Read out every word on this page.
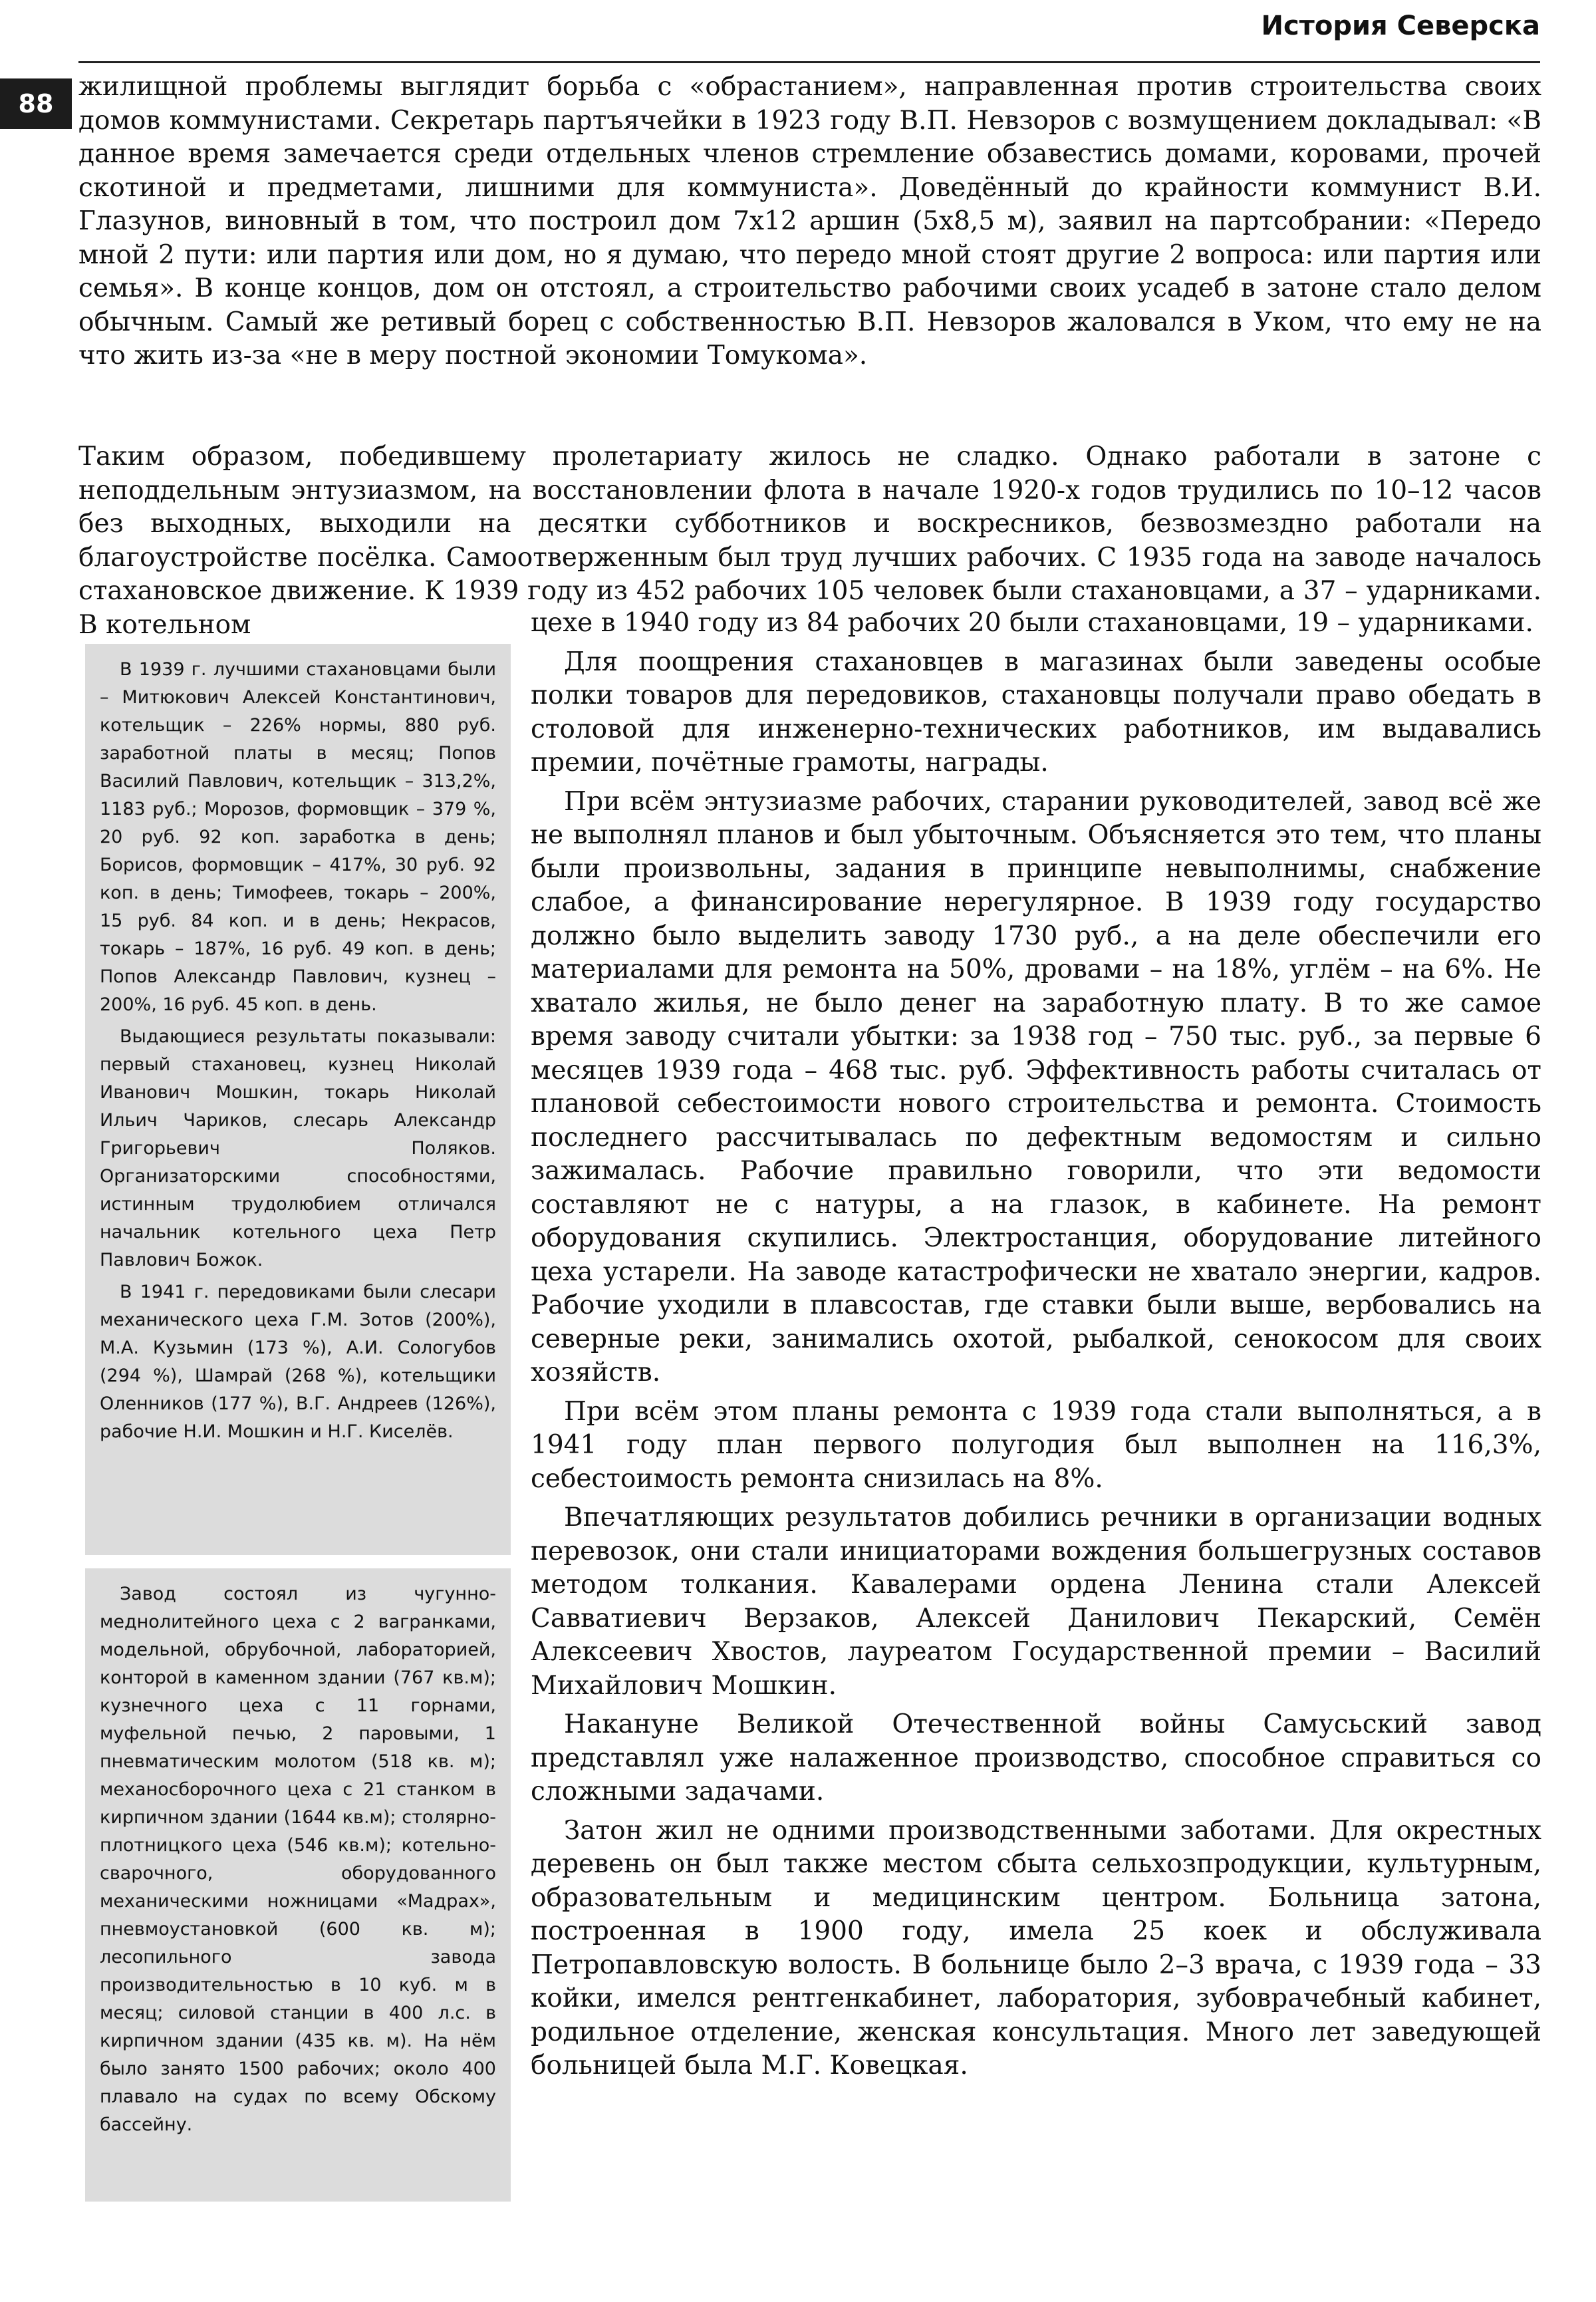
История Северска
88

жилищной проблемы выглядит борьба с «обрастанием», направленная против строительства своих домов коммунистами. Секретарь партъячейки в 1923 году В.П. Невзоров с возмущением докладывал: «В данное время замечается среди отдельных членов стремление обзавестись домами, коровами, прочей скотиной и предметами, лишними для коммуниста». Доведённый до крайности коммунист В.И. Глазунов, виновный в том, что построил дом 7х12 аршин (5х8,5 м), заявил на партсобрании: «Передо мной 2 пути: или партия или дом, но я думаю, что передо мной стоят другие 2 вопроса: или партия или семья». В конце концов, дом он отстоял, а строительство рабочими своих усадеб в затоне стало делом обычным. Самый же ретивый борец с собственностью В.П. Невзоров жаловался в Уком, что ему не на что жить из-за «не в меру постной экономии Томукома».

Таким образом, победившему пролетариату жилось не сладко. Однако работали в затоне с неподдельным энтузиазмом, на восстановлении флота в начале 1920-х годов трудились по 10–12 часов без выходных, выходили на десятки субботников и воскресников, безвозмездно работали на благоустройстве посёлка. Самоотверженным был труд лучших рабочих. С 1935 года на заводе началось стахановское движение. К 1939 году из 452 рабочих 105 человек были стахановцами, а 37 – ударниками. В котельном

В 1939 г. лучшими стахановцами были – Митюкович Алексей Константинович, котельщик – 226% нормы, 880 руб. заработной платы в месяц; Попов Василий Павлович, котельщик – 313,2%, 1183 руб.; Морозов, формовщик – 379 %, 20 руб. 92 коп. заработка в день; Борисов, формовщик – 417%, 30 руб. 92 коп. в день; Тимофеев, токарь – 200%, 15 руб. 84 коп. и в день; Некрасов, токарь – 187%, 16 руб. 49 коп. в день; Попов Александр Павлович, кузнец – 200%, 16 руб. 45 коп. в день.

Выдающиеся результаты показывали: первый стахановец, кузнец Николай Иванович Мошкин, токарь Николай Ильич Чариков, слесарь Александр Григорьевич Поляков. Организаторскими способностями, истинным трудолюбием отличался начальник котельного цеха Петр Павлович Божок.

В 1941 г. передовиками были слесари механического цеха Г.М. Зотов (200%), М.А. Кузьмин (173 %), А.И. Сологубов (294 %), Шамрай (268 %), котельщики Оленников (177 %), В.Г. Андреев (126%), рабочие Н.И. Мошкин и Н.Г. Киселёв.

Завод состоял из чугунно-меднолитейного цеха с 2 вагранками, модельной, обрубочной, лабораторией, конторой в каменном здании (767 кв.м); кузнечного цеха с 11 горнами, муфельной печью, 2 паровыми, 1 пневматическим молотом (518 кв. м); механосборочного цеха с 21 станком в кирпичном здании (1644 кв.м); столярно-плотницкого цеха (546 кв.м); котельно-сварочного, оборудованного механическими ножницами «Мадрах», пневмоустановкой (600 кв. м); лесопильного завода производительностью в 10 куб. м в месяц; силовой станции в 400 л.с. в кирпичном здании (435 кв. м). На нём было занято 1500 рабочих; около 400 плавало на судах по всему Обскому бассейну.

цехе в 1940 году из 84 рабочих 20 были стахановцами, 19 – ударниками.

Для поощрения стахановцев в магазинах были заведены особые полки товаров для передовиков, стахановцы получали право обедать в столовой для инженерно-технических работников, им выдавались премии, почётные грамоты, награды.

При всём энтузиазме рабочих, старании руководителей, завод всё же не выполнял планов и был убыточным. Объясняется это тем, что планы были произвольны, задания в принципе невыполнимы, снабжение слабое, а финансирование нерегулярное. В 1939 году государство должно было выделить заводу 1730 руб., а на деле обеспечили его материалами для ремонта на 50%, дровами – на 18%, углём – на 6%. Не хватало жилья, не было денег на заработную плату. В то же самое время заводу считали убытки: за 1938 год – 750 тыс. руб., за первые 6 месяцев 1939 года – 468 тыс. руб. Эффективность работы считалась от плановой себестоимости нового строительства и ремонта. Стоимость последнего рассчитывалась по дефектным ведомостям и сильно зажималась. Рабочие правильно говорили, что эти ведомости составляют не с натуры, а на глазок, в кабинете. На ремонт оборудования скупились. Электростанция, оборудование литейного цеха устарели. На заводе катастрофически не хватало энергии, кадров. Рабочие уходили в плавсостав, где ставки были выше, вербовались на северные реки, занимались охотой, рыбалкой, сенокосом для своих хозяйств.

При всём этом планы ремонта с 1939 года стали выполняться, а в 1941 году план первого полугодия был выполнен на 116,3%, себестоимость ремонта снизилась на 8%.

Впечатляющих результатов добились речники в организации водных перевозок, они стали инициаторами вождения большегрузных составов методом толкания. Кавалерами ордена Ленина стали Алексей Савватиевич Верзаков, Алексей Данилович Пекарский, Семён Алексеевич Хвостов, лауреатом Государственной премии – Василий Михайлович Мошкин.

Накануне Великой Отечественной войны Самусьский завод представлял уже налаженное производство, способное справиться со сложными задачами.

Затон жил не одними производственными заботами. Для окрестных деревень он был также местом сбыта сельхозпродукции, культурным, образовательным и медицинским центром. Больница затона, построенная в 1900 году, имела 25 коек и обслуживала Петропавловскую волость. В больнице было 2–3 врача, с 1939 года – 33 койки, имелся рентгенкабинет, лаборатория, зубоврачебный кабинет, родильное отделение, женская консультация. Много лет заведующей больницей была М.Г. Ковецкая.
